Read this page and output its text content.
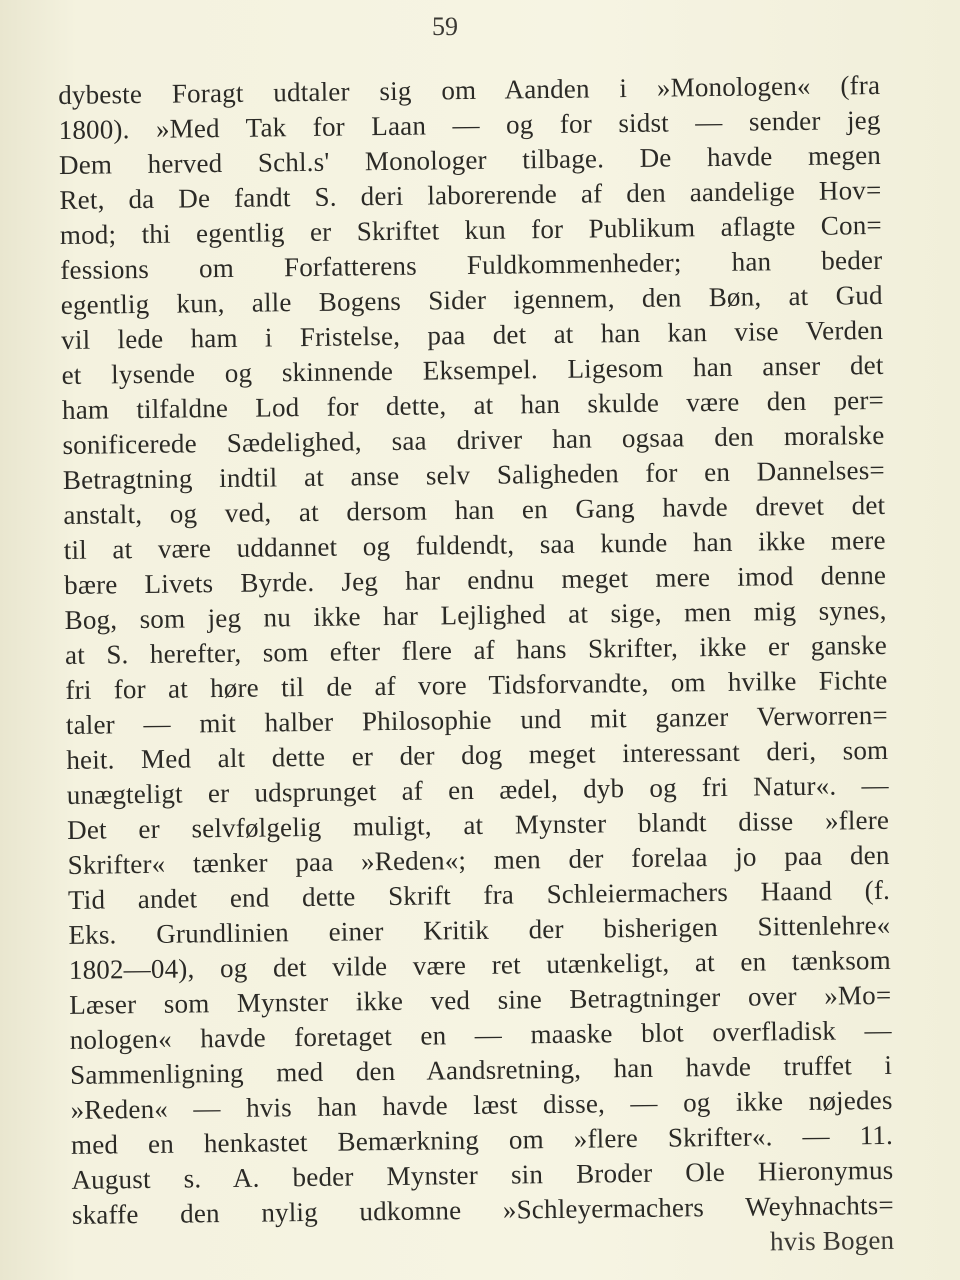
59
dybeste Foragt udtaler sig om Aanden i »Monologen« (fra
1800). »Med Tak for Laan — og for sidst — sender jeg
Dem herved Schl.s' Monologer tilbage. De havde megen
Ret, da De fandt S. deri laborerende af den aandelige Hov=
mod; thi egentlig er Skriftet kun for Publikum aflagte Con=
fessions om Forfatterens Fuldkommenheder; han beder
egentlig kun, alle Bogens Sider igennem, den Bøn, at Gud
vil lede ham i Fristelse, paa det at han kan vise Verden
et lysende og skinnende Eksempel. Ligesom han anser det
ham tilfaldne Lod for dette, at han skulde være den per=
sonificerede Sædelighed, saa driver han ogsaa den moralske
Betragtning indtil at anse selv Saligheden for en Dannelses=
anstalt, og ved, at dersom han en Gang havde drevet det
til at være uddannet og fuldendt, saa kunde han ikke mere
bære Livets Byrde. Jeg har endnu meget mere imod denne
Bog, som jeg nu ikke har Lejlighed at sige, men mig synes,
at S. herefter, som efter flere af hans Skrifter, ikke er ganske
fri for at høre til de af vore Tidsforvandte, om hvilke Fichte
taler — mit halber Philosophie und mit ganzer Verworren=
heit. Med alt dette er der dog meget interessant deri, som
unægteligt er udsprunget af en ædel, dyb og fri Natur«. —
Det er selvfølgelig muligt, at Mynster blandt disse »flere
Skrifter« tænker paa »Reden«; men der forelaa jo paa den
Tid andet end dette Skrift fra Schleiermachers Haand (f.
Eks. Grundlinien einer Kritik der bisherigen Sittenlehre«
1802—04), og det vilde være ret utænkeligt, at en tænksom
Læser som Mynster ikke ved sine Betragtninger over »Mo=
nologen« havde foretaget en — maaske blot overfladisk —
Sammenligning med den Aandsretning, han havde truffet i
»Reden« — hvis han havde læst disse, — og ikke nøjedes
med en henkastet Bemærkning om »flere Skrifter«. — 11.
August s. A. beder Mynster sin Broder Ole Hieronymus
skaffe den nylig udkomne »Schleyermachers Weyhnachts=
hvis Bogen
